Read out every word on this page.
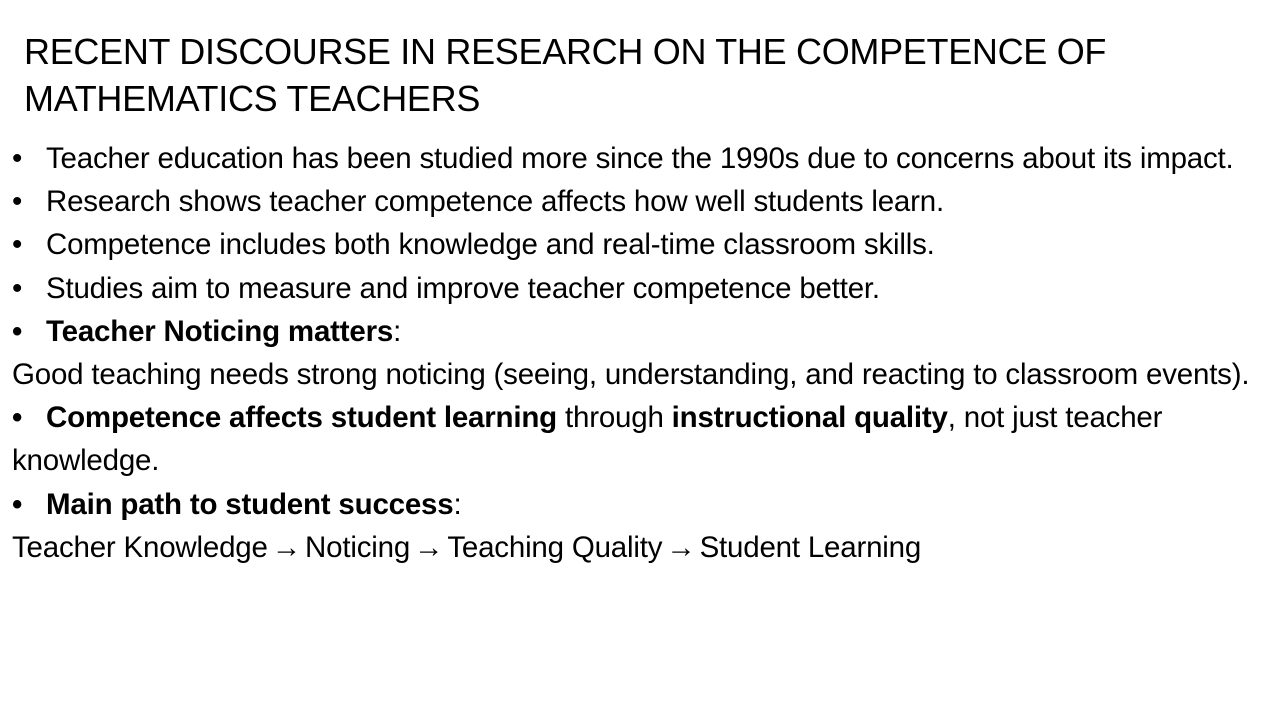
RECENT DISCOURSE IN RESEARCH ON THE COMPETENCE OF
MATHEMATICS TEACHERS
• Teacher education has been studied more since the 1990s due to concerns about its impact.
• Research shows teacher competence affects how well students learn.
• Competence includes both knowledge and real-time classroom skills.
• Studies aim to measure and improve teacher competence better.
• Teacher Noticing matters:
Good teaching needs strong noticing (seeing, understanding, and reacting to classroom events).
• Competence affects student learning through instructional quality, not just teacher knowledge.
• Main path to student success:
Teacher Knowledge → Noticing → Teaching Quality → Student Learning
